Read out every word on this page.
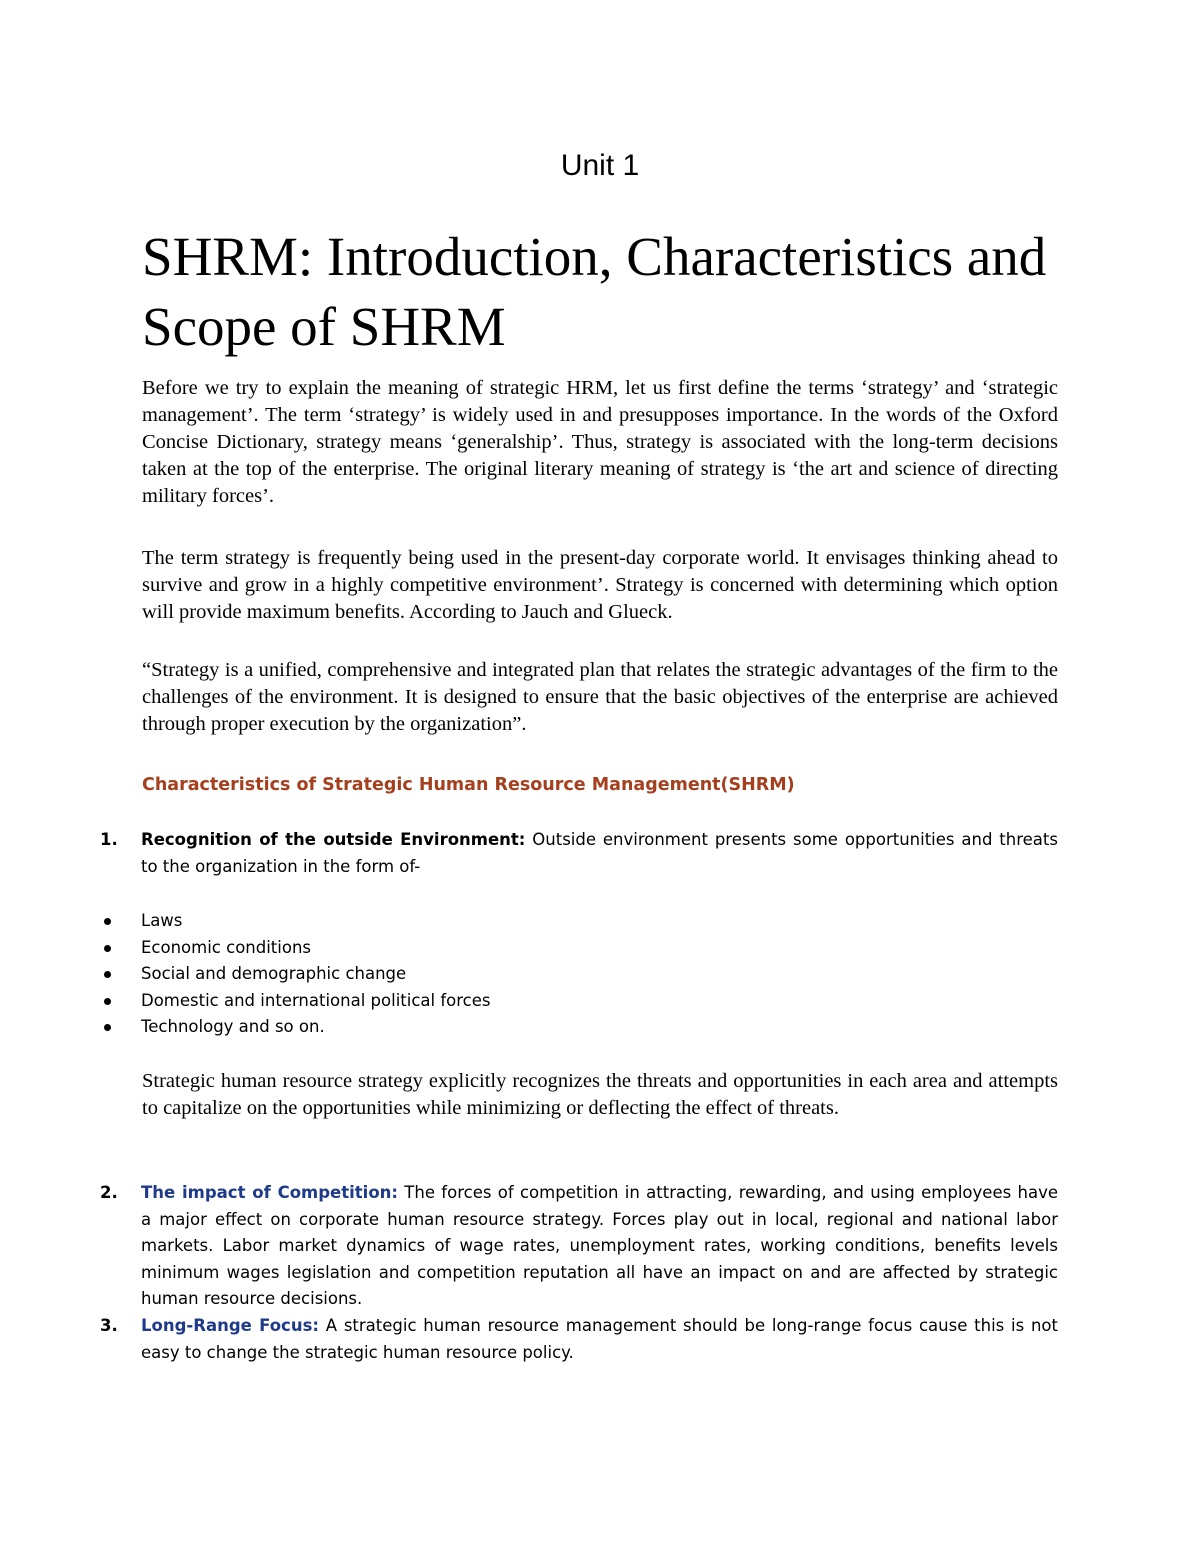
Unit 1
SHRM: Introduction, Characteristics and Scope of SHRM

Before we try to explain the meaning of strategic HRM, let us first define the terms ‘strategy’ and ‘strategic management’. The term ‘strategy’ is widely used in and presupposes importance. In the words of the Oxford Concise Dictionary, strategy means ‘generalship’. Thus, strategy is associated with the long-term decisions taken at the top of the enterprise. The original literary meaning of strategy is ‘the art and science of directing military forces’.

The term strategy is frequently being used in the present-day corporate world. It envisages thinking ahead to survive and grow in a highly competitive environment’. Strategy is concerned with determining which option will provide maximum benefits. According to Jauch and Glueck.

“Strategy is a unified, comprehensive and integrated plan that relates the strategic advantages of the firm to the challenges of the environment. It is designed to ensure that the basic objectives of the enterprise are achieved through proper execution by the organization”.

Characteristics of Strategic Human Resource Management(SHRM)
1.	Recognition of the outside Environment: Outside environment presents some opportunities and threats to the organization in the form of-
Laws
Economic conditions
Social and demographic change
Domestic and international political forces
Technology and so on.

Strategic human resource strategy explicitly recognizes the threats and opportunities in each area and attempts to capitalize on the opportunities while minimizing or deflecting the effect of threats.

2.	The impact of Competition: The forces of competition in attracting, rewarding, and using employees have a major effect on corporate human resource strategy. Forces play out in local, regional and national labor markets. Labor market dynamics of wage rates, unemployment rates, working conditions, benefits levels minimum wages legislation and competition reputation all have an impact on and are affected by strategic human resource decisions.
3.	Long-Range Focus: A strategic human resource management should be long-range focus cause this is not easy to change the strategic human resource policy.
